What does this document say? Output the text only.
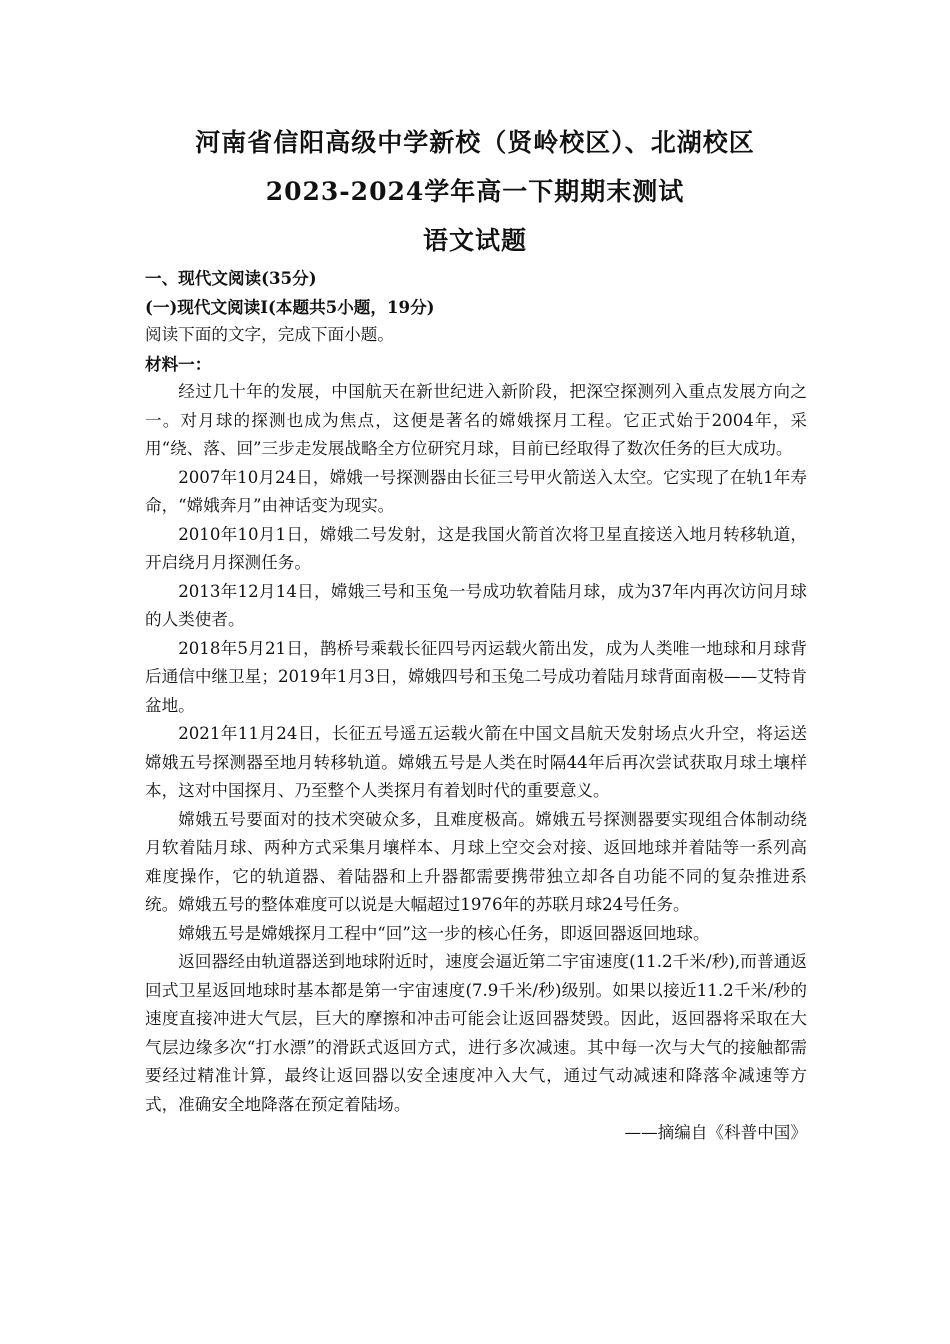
河南省信阳高级中学新校（贤岭校区）、北湖校区
2023-2024学年高一下期期末测试
语文试题

一、现代文阅读(35分)

(一)现代文阅读I(本题共5小题，19分)

阅读下面的文字，完成下面小题。

材料一：

经过几十年的发展，中国航天在新世纪进入新阶段，把深空探测列入重点发展方向之一。对月球的探测也成为焦点，这便是著名的嫦娥探月工程。它正式始于2004年，采用“绕、落、回”三步走发展战略全方位研究月球，目前已经取得了数次任务的巨大成功。

2007年10月24日，嫦娥一号探测器由长征三号甲火箭送入太空。它实现了在轨1年寿命，“嫦娥奔月”由神话变为现实。

2010年10月1日，嫦娥二号发射，这是我国火箭首次将卫星直接送入地月转移轨道，开启绕月月探测任务。

2013年12月14日，嫦娥三号和玉兔一号成功软着陆月球，成为37年内再次访问月球的人类使者。

2018年5月21日，鹊桥号乘载长征四号丙运载火箭出发，成为人类唯一地球和月球背后通信中继卫星；2019年1月3日，嫦娥四号和玉兔二号成功着陆月球背面南极——艾特肯盆地。

2021年11月24日，长征五号遥五运载火箭在中国文昌航天发射场点火升空，将运送嫦娥五号探测器至地月转移轨道。嫦娥五号是人类在时隔44年后再次尝试获取月球土壤样本，这对中国探月、乃至整个人类探月有着划时代的重要意义。

嫦娥五号要面对的技术突破众多，且难度极高。嫦娥五号探测器要实现组合体制动绕月软着陆月球、两种方式采集月壤样本、月球上空交会对接、返回地球并着陆等一系列高难度操作，它的轨道器、着陆器和上升器都需要携带独立却各自功能不同的复杂推进系统。嫦娥五号的整体难度可以说是大幅超过1976年的苏联月球24号任务。

嫦娥五号是嫦娥探月工程中“回”这一步的核心任务，即返回器返回地球。

返回器经由轨道器送到地球附近时，速度会逼近第二宇宙速度(11.2千米/秒),而普通返回式卫星返回地球时基本都是第一宇宙速度(7.9千米/秒)级别。如果以接近11.2千米/秒的速度直接冲进大气层，巨大的摩擦和冲击可能会让返回器焚毁。因此，返回器将采取在大气层边缘多次“打水漂”的滑跃式返回方式，进行多次减速。其中每一次与大气的接触都需要经过精准计算，最终让返回器以安全速度冲入大气，通过气动减速和降落伞减速等方式，准确安全地降落在预定着陆场。

——摘编自《科普中国》
